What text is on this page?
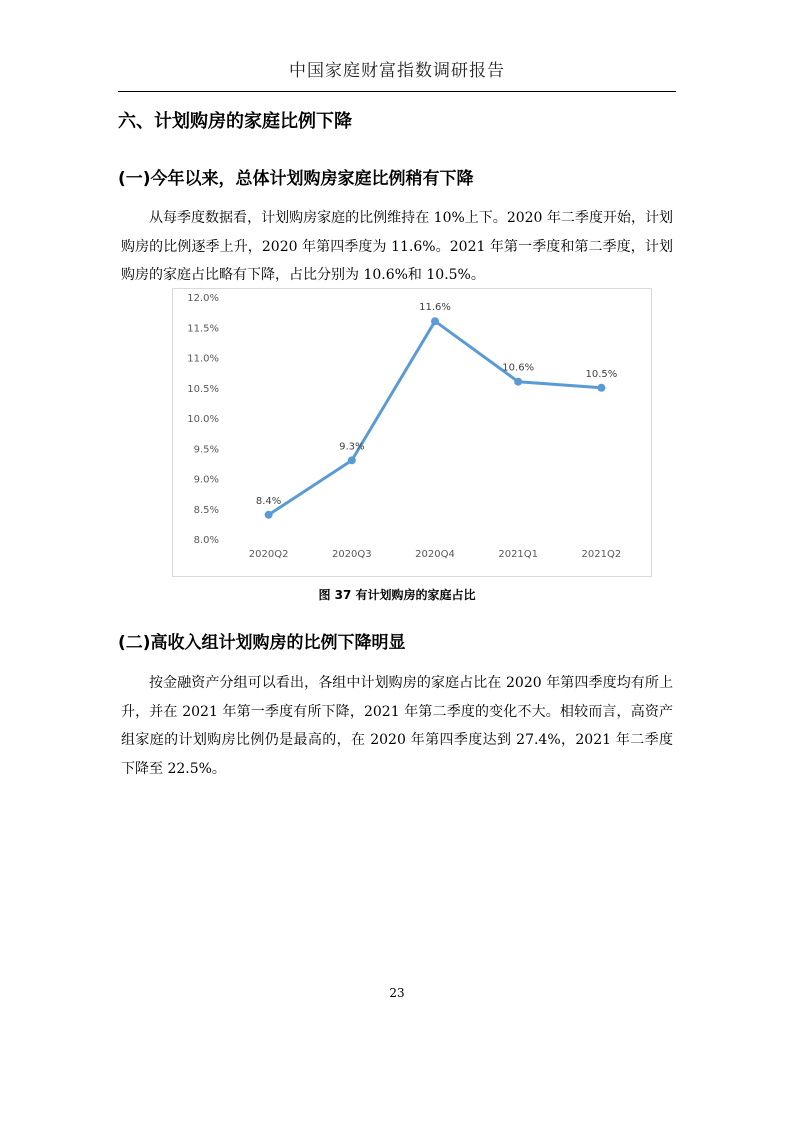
中国家庭财富指数调研报告
六、计划购房的家庭比例下降
(一)今年以来，总体计划购房家庭比例稍有下降

从每季度数据看，计划购房家庭的比例维持在 10%上下。2020 年二季度开始，计划购房的比例逐季上升，2020 年第四季度为 11.6%。2021 年第一季度和第二季度，计划购房的家庭占比略有下降，占比分别为 10.6%和 10.5%。

8.0%
8.5%
9.0%
9.5%
10.0%
10.5%
11.0%
11.5%
12.0%
2020Q2	2020Q3	2020Q4	2021Q1	2021Q2
8.4%
9.3%
11.6%
10.6%
10.5%
图 37 有计划购房的家庭占比
(二)高收入组计划购房的比例下降明显

按金融资产分组可以看出，各组中计划购房的家庭占比在 2020 年第四季度均有所上升，并在 2021 年第一季度有所下降，2021 年第二季度的变化不大。相较而言，高资产组家庭的计划购房比例仍是最高的，在 2020 年第四季度达到 27.4%，2021 年二季度下降至 22.5%。

23
